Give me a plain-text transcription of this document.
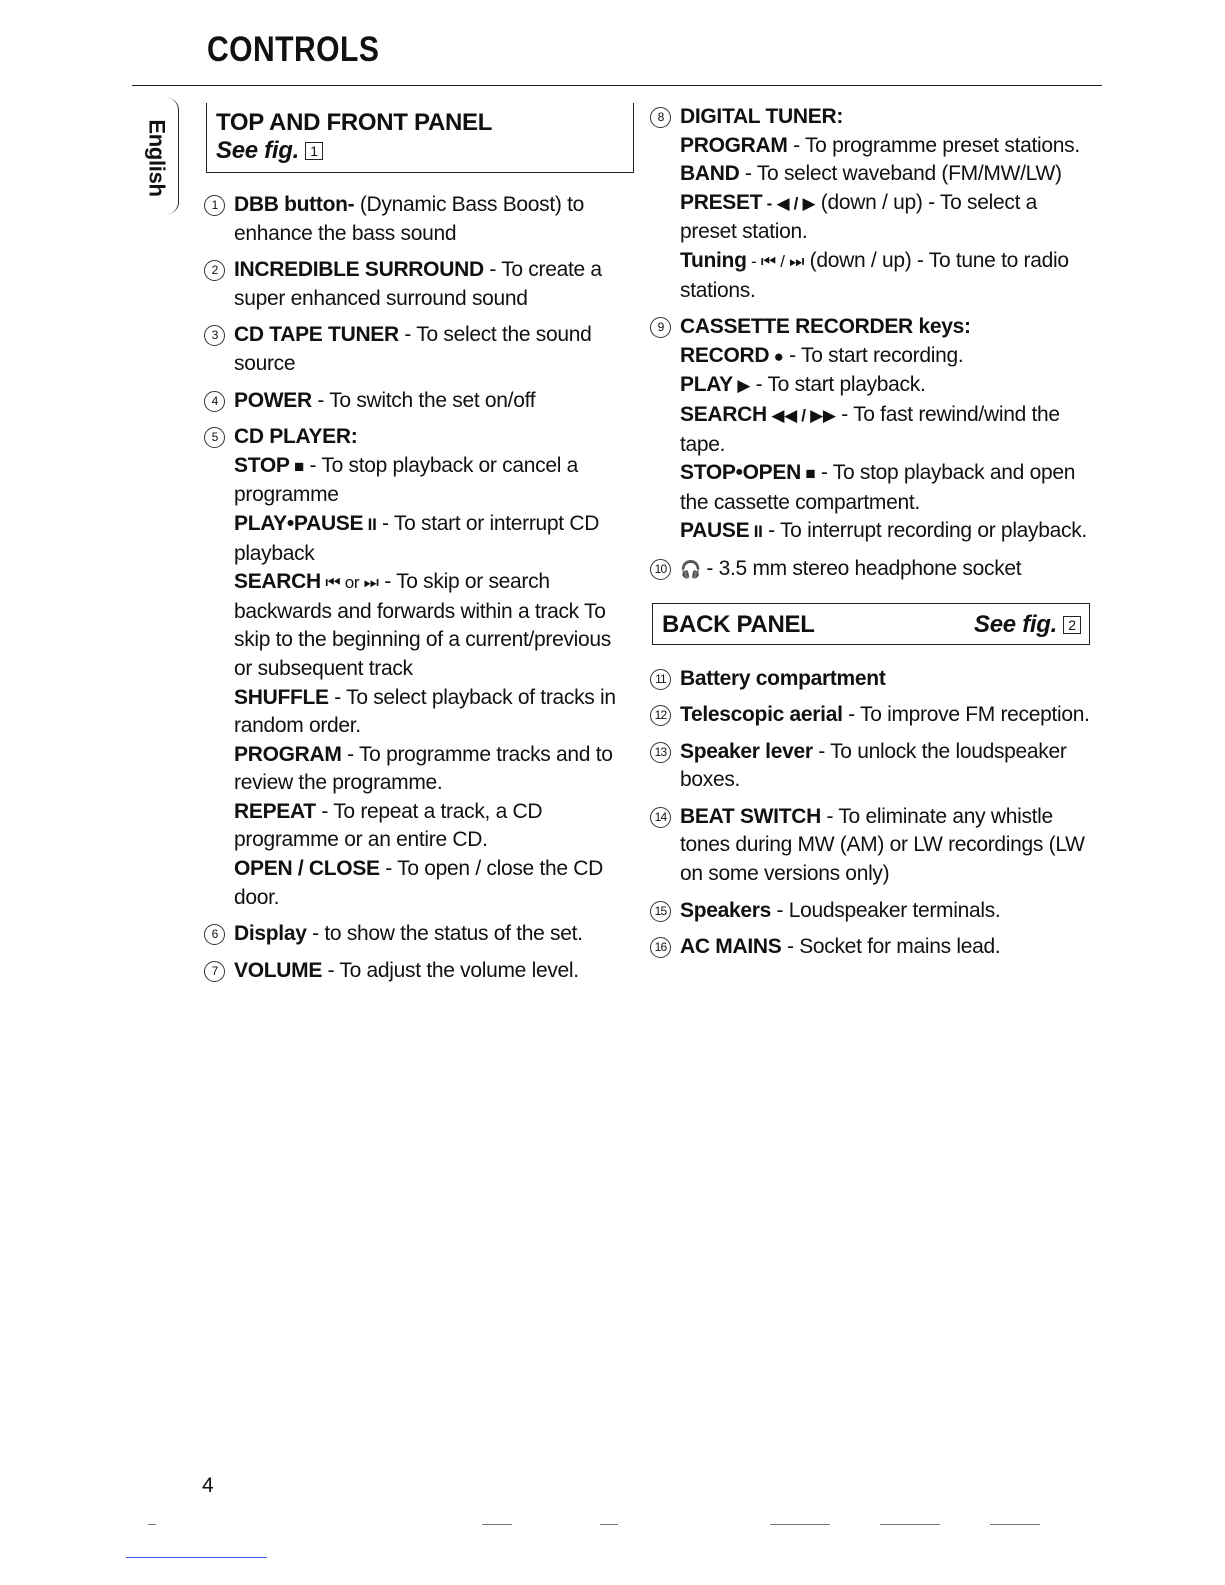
CONTROLS
English TOP AND FRONT PANEL
See fig. 1
1 DBB button- (Dynamic Bass Boost) to enhance the bass sound
2 INCREDIBLE SURROUND - To create a super enhanced surround sound
3 CD TAPE TUNER - To select the sound source
4 POWER - To switch the set on/off
5 CD PLAYER:
STOP ■ - To stop playback or cancel a programme
PLAY•PAUSE II - To start or interrupt CD playback
SEARCH ⏮ or ⏭ - To skip or search backwards and forwards within a track To skip to the beginning of a current/previous or subsequent track
SHUFFLE - To select playback of tracks in random order.
PROGRAM - To programme tracks and to review the programme.
REPEAT - To repeat a track, a CD programme or an entire CD.
OPEN / CLOSE - To open / close the CD door.
6 Display - to show the status of the set.
7 VOLUME - To adjust the volume level.
8 DIGITAL TUNER:
PROGRAM - To programme preset stations.
BAND - To select waveband (FM/MW/LW)
PRESET - ◀ / ▶ (down / up) - To select a preset station.
Tuning - ⏮ / ⏭ (down / up) - To tune to radio stations.
9 CASSETTE RECORDER keys:
RECORD ● - To start recording.
PLAY ▶ - To start playback.
SEARCH ◀◀ / ▶▶ - To fast rewind/wind the tape.
STOP•OPEN ■ - To stop playback and open the cassette compartment.
PAUSE II - To interrupt recording or playback.
10 🎧 - 3.5 mm stereo headphone socket
BACK PANEL	See fig. 2
11 Battery compartment
12 Telescopic aerial - To improve FM reception.
13 Speaker lever - To unlock the loudspeaker boxes.
14 BEAT SWITCH - To eliminate any whistle tones during MW (AM) or LW recordings (LW on some versions only)
15 Speakers - Loudspeaker terminals.
16 AC MAINS - Socket for mains lead.
4
